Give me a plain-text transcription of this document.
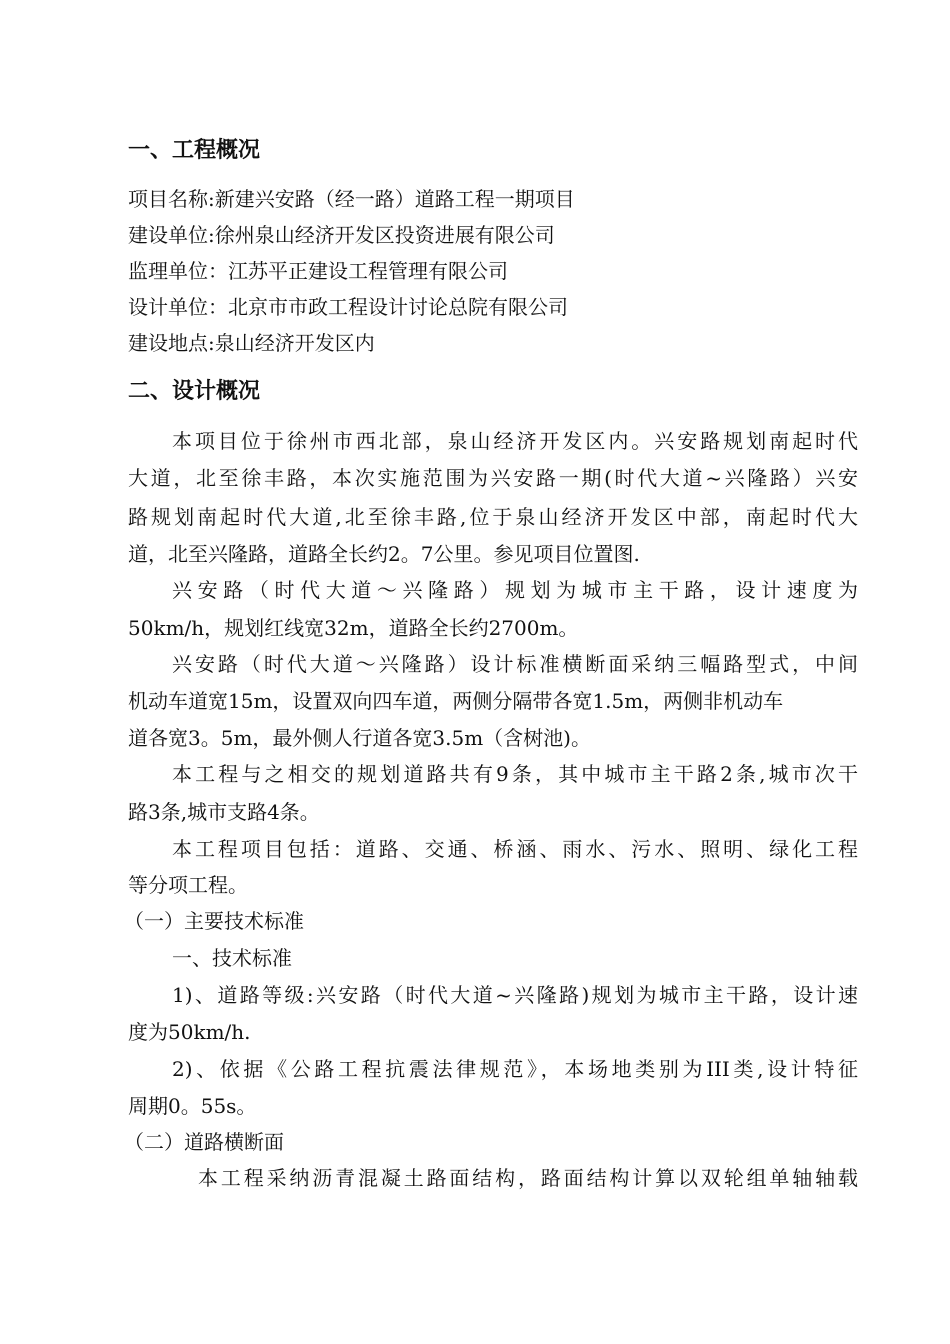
一、工程概况
项目名称:新建兴安路（经一路）道路工程一期项目
建设单位:徐州泉山经济开发区投资进展有限公司
监理单位：江苏平正建设工程管理有限公司
设计单位：北京市市政工程设计讨论总院有限公司
建设地点:泉山经济开发区内
二、设计概况
本项目位于徐州市西北部，泉山经济开发区内。兴安路规划南起时代
大道，北至徐丰路，本次实施范围为兴安路一期(时代大道~兴隆路）兴安
路规划南起时代大道,北至徐丰路,位于泉山经济开发区中部，南起时代大
道，北至兴隆路，道路全长约2。7公里。参见项目位置图.
兴安路（时代大道～兴隆路）规划为城市主干路，设计速度为
50km/h，规划红线宽32m，道路全长约2700m。
兴安路（时代大道～兴隆路）设计标准横断面采纳三幅路型式，中间
机动车道宽15m，设置双向四车道，两侧分隔带各宽1.5m，两侧非机动车
道各宽3。5m，最外侧人行道各宽3.5m（含树池)。
本工程与之相交的规划道路共有9条，其中城市主干路2条,城市次干
路3条,城市支路4条。
本工程项目包括：道路、交通、桥涵、雨水、污水、照明、绿化工程
等分项工程。
（一）主要技术标准
一、技术标准
1)、道路等级:兴安路（时代大道~兴隆路)规划为城市主干路，设计速
度为50km/h.
2)、依据《公路工程抗震法律规范》，本场地类别为III类,设计特征
周期0。55s。
（二）道路横断面
本工程采纳沥青混凝土路面结构，路面结构计算以双轮组单轴轴载
